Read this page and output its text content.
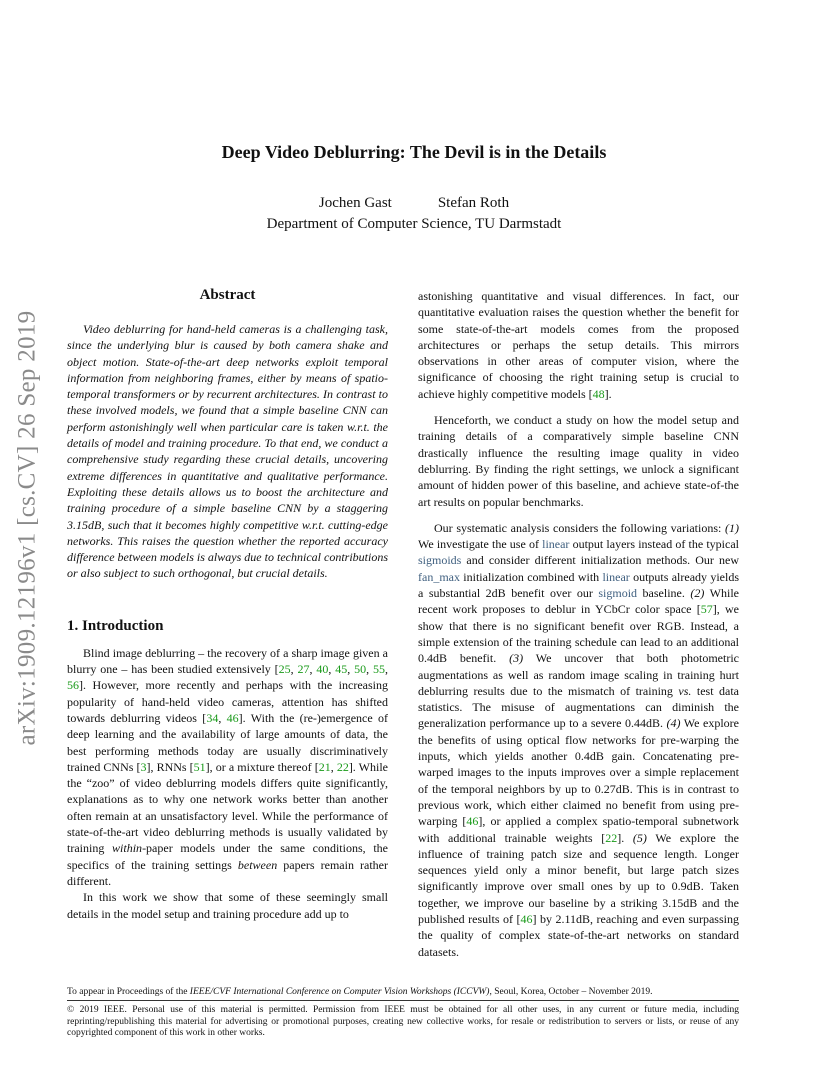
arXiv:1909.12196v1 [cs.CV] 26 Sep 2019
Deep Video Deblurring: The Devil is in the Details
Jochen Gast	Stefan Roth
Department of Computer Science, TU Darmstadt
Abstract

Video deblurring for hand-held cameras is a challenging task, since the underlying blur is caused by both camera shake and object motion. State-of-the-art deep networks exploit temporal information from neighboring frames, either by means of spatio-temporal transformers or by recurrent architectures. In contrast to these involved models, we found that a simple baseline CNN can perform astonishingly well when particular care is taken w.r.t. the details of model and training procedure. To that end, we conduct a comprehensive study regarding these crucial details, uncovering extreme differences in quantitative and qualitative performance. Exploiting these details allows us to boost the architecture and training procedure of a simple baseline CNN by a staggering 3.15dB, such that it becomes highly competitive w.r.t. cutting-edge networks. This raises the question whether the reported accuracy difference between models is always due to technical contributions or also subject to such orthogonal, but crucial details.

1. Introduction

Blind image deblurring – the recovery of a sharp image given a blurry one – has been studied extensively [25, 27, 40, 45, 50, 55, 56]. However, more recently and perhaps with the increasing popularity of hand-held video cameras, attention has shifted towards deblurring videos [34, 46]. With the (re-)emergence of deep learning and the availability of large amounts of data, the best performing methods today are usually discriminatively trained CNNs [3], RNNs [51], or a mixture thereof [21, 22]. While the “zoo” of video deblurring models differs quite significantly, explanations as to why one network works better than another often remain at an unsatisfactory level. While the performance of state-of-the-art video deblurring methods is usually validated by training within-paper models under the same conditions, the specifics of the training settings between papers remain rather different.

In this work we show that some of these seemingly small details in the model setup and training procedure add up to

astonishing quantitative and visual differences. In fact, our quantitative evaluation raises the question whether the benefit for some state-of-the-art models comes from the proposed architectures or perhaps the setup details. This mirrors observations in other areas of computer vision, where the significance of choosing the right training setup is crucial to achieve highly competitive models [48].

Henceforth, we conduct a study on how the model setup and training details of a comparatively simple baseline CNN drastically influence the resulting image quality in video deblurring. By finding the right settings, we unlock a significant amount of hidden power of this baseline, and achieve state-of-the art results on popular benchmarks.

Our systematic analysis considers the following variations: (1) We investigate the use of linear output layers instead of the typical sigmoids and consider different initialization methods. Our new fan_max initialization combined with linear outputs already yields a substantial 2dB benefit over our sigmoid baseline. (2) While recent work proposes to deblur in YCbCr color space [57], we show that there is no significant benefit over RGB. Instead, a simple extension of the training schedule can lead to an additional 0.4dB benefit. (3) We uncover that both photometric augmentations as well as random image scaling in training hurt deblurring results due to the mismatch of training vs. test data statistics. The misuse of augmentations can diminish the generalization performance up to a severe 0.44dB. (4) We explore the benefits of using optical flow networks for pre-warping the inputs, which yields another 0.4dB gain. Concatenating pre-warped images to the inputs improves over a simple replacement of the temporal neighbors by up to 0.27dB. This is in contrast to previous work, which either claimed no benefit from using pre-warping [46], or applied a complex spatio-temporal subnetwork with additional trainable weights [22]. (5) We explore the influence of training patch size and sequence length. Longer sequences yield only a minor benefit, but large patch sizes significantly improve over small ones by up to 0.9dB. Taken together, we improve our baseline by a striking 3.15dB and the published results of [46] by 2.11dB, reaching and even surpassing the quality of complex state-of-the-art networks on standard datasets.

To appear in Proceedings of the IEEE/CVF International Conference on Computer Vision Workshops (ICCVW), Seoul, Korea, October – November 2019.
© 2019 IEEE. Personal use of this material is permitted. Permission from IEEE must be obtained for all other uses, in any current or future media, including reprinting/republishing this material for advertising or promotional purposes, creating new collective works, for resale or redistribution to servers or lists, or reuse of any copyrighted component of this work in other works.
